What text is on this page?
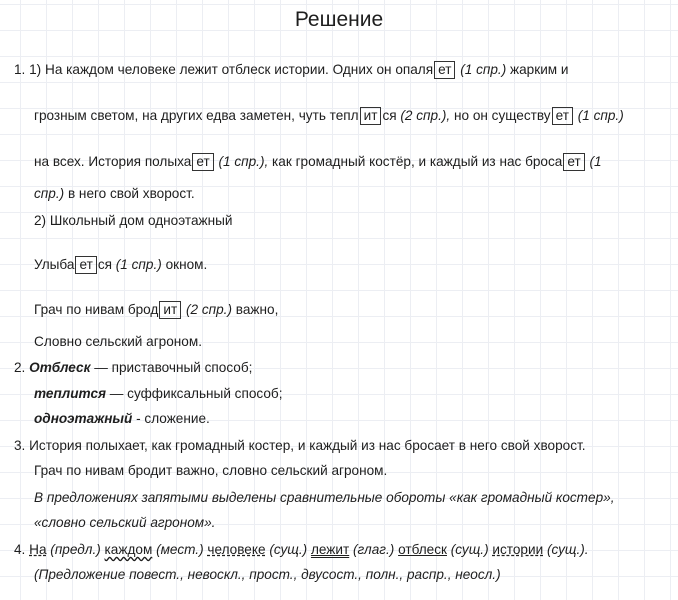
Решение
1. 1) На каждом человеке лежит отблеск истории. Одних он опаля ет (1 спр.) жарким и
грозным светом, на других едва заметен, чуть тепл ит ся (2 спр.), но он существу ет (1 спр.)
на всех. История полыха ет (1 спр.), как громадный костёр, и каждый из нас броса ет (1
спр.) в него свой хворост.
2) Школьный дом одноэтажный
Улыба ет ся (1 спр.) окном.
Грач по нивам брод ит (2 спр.) важно,
Словно сельский агроном.
2. Отблеск — приставочный способ;
теплится — суффиксальный способ;
одноэтажный - сложение.
3. История полыхает, как громадный костер, и каждый из нас бросает в него свой хворост.
Грач по нивам бродит важно, словно сельский агроном.
В предложениях запятыми выделены сравнительные обороты «как громадный костер»,
«словно сельский агроном».
4. На (предл.) каждом (мест.) человеке (сущ.) лежит (глаг.) отблеск (сущ.) истории (сущ.).
(Предложение повест., невоскл., прост., двусост., полн., распр., неосл.)
